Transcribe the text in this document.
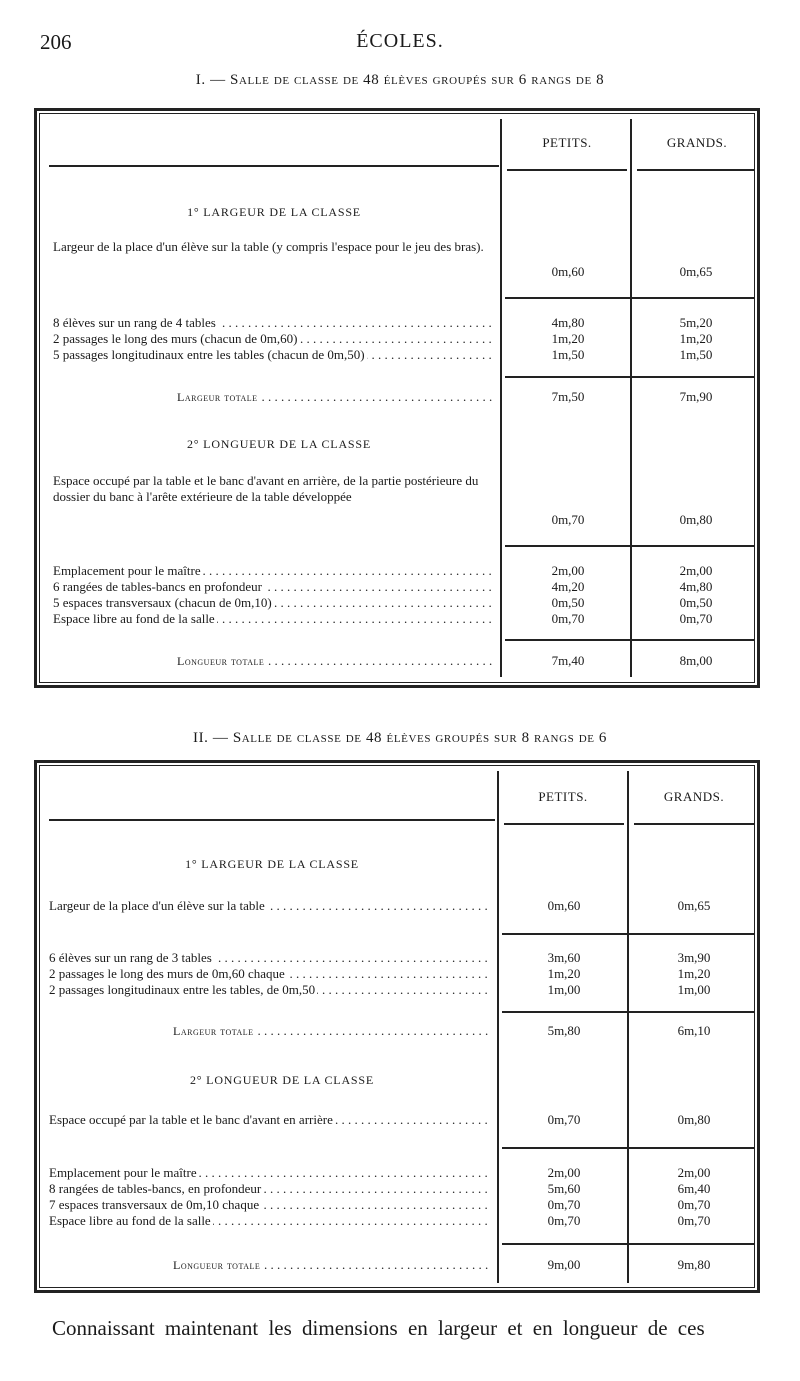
206	ÉCOLES.
I. — Salle de classe de 48 élèves groupés sur 6 rangs de 8
PETITS.	GRANDS.
1° LARGEUR DE LA CLASSE
Largeur de la place d'un élève sur la table (y compris l'espace pour le jeu des bras).
0m,60	0m,65
8 élèves sur un rang de 4 tables . . .	4m,80	5m,20
2 passages le long des murs (chacun de 0m,60) . . .	1m,20	1m,20
5 passages longitudinaux entre les tables (chacun de 0m,50) . . .	1m,50	1m,50
Largeur totale . . .	7m,50	7m,90
2° LONGUEUR DE LA CLASSE
Espace occupé par la table et le banc d'avant en arrière, de la partie postérieure du dossier du banc à l'arête extérieure de la table développée
0m,70	0m,80
Emplacement pour le maître . . .	2m,00	2m,00
6 rangées de tables-bancs en profondeur . . .	4m,20	4m,80
5 espaces transversaux (chacun de 0m,10) . . .	0m,50	0m,50
Espace libre au fond de la salle . . .	0m,70	0m,70
Longueur totale . . .	7m,40	8m,00
II. — Salle de classe de 48 élèves groupés sur 8 rangs de 6
PETITS.	GRANDS.
1° LARGEUR DE LA CLASSE
Largeur de la place d'un élève sur la table . . .	0m,60	0m,65
6 élèves sur un rang de 3 tables . . .	3m,60	3m,90
2 passages le long des murs de 0m,60 chaque . . .	1m,20	1m,20
2 passages longitudinaux entre les tables, de 0m,50 . . .	1m,00	1m,00
Largeur totale . . .	5m,80	6m,10
2° LONGUEUR DE LA CLASSE
Espace occupé par la table et le banc d'avant en arrière . . .	0m,70	0m,80
Emplacement pour le maître . . .	2m,00	2m,00
8 rangées de tables-bancs, en profondeur . . .	5m,60	6m,40
7 espaces transversaux de 0m,10 chaque . . .	0m,70	0m,70
Espace libre au fond de la salle . . .	0m,70	0m,70
Longueur totale . . .	9m,00	9m,80
Connaissant maintenant les dimensions en largeur et en longueur de ces
